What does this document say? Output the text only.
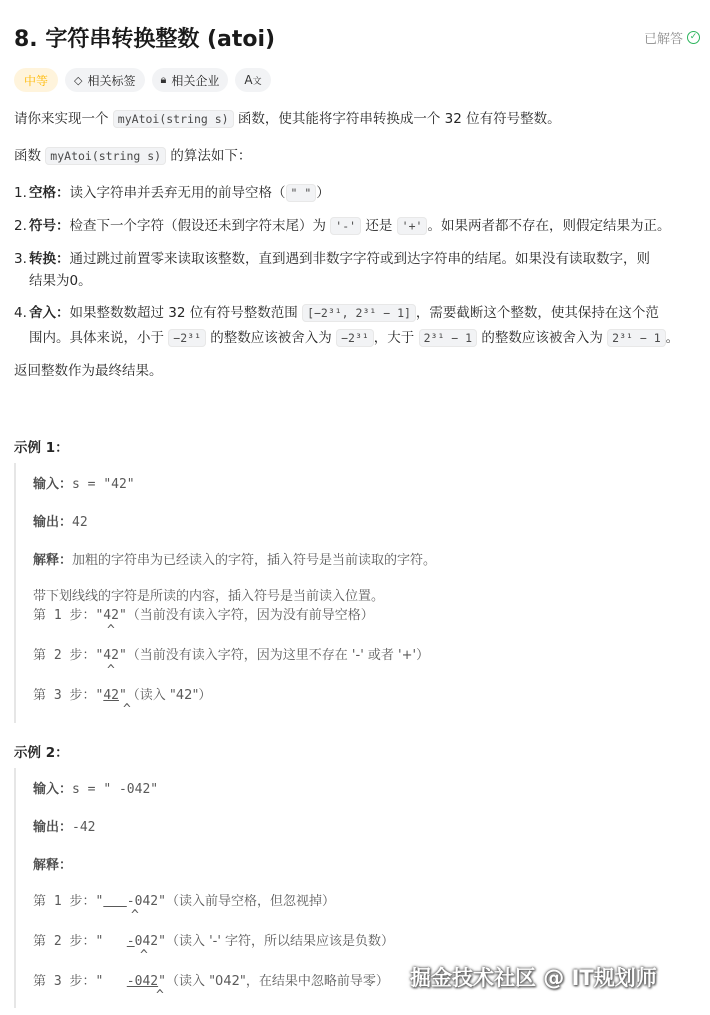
8. 字符串转换整数 (atoi)	已解答 ✓
中等	◇ 相关标签 🔒︎ 相关企业 A文
请你来实现一个 myAtoi(string s) 函数，使其能将字符串转换成一个 32 位有符号整数。
函数 myAtoi(string s) 的算法如下：
1. 空格：读入字符串并丢弃无用的前导空格（ " " ）
2. 符号：检查下一个字符（假设还未到字符末尾）为 '-' 还是 '+' 。如果两者都不存在，则假定结果为正。
3. 转换：通过跳过前置零来读取该整数，直到遇到非数字字符或到达字符串的结尾。如果没有读取数字，则
结果为0。
4. 舍入：如果整数数超过 32 位有符号整数范围 [−2³¹, 2³¹ − 1] ，需要截断这个整数，使其保持在这个范
围内。具体来说，小于 −2³¹ 的整数应该被舍入为 −2³¹ ，大于 2³¹ − 1 的整数应该被舍入为 2³¹ − 1 。
返回整数作为最终结果。
示例 1：
输入：s = "42"
输出：42
解释：加粗的字符串为已经读入的字符，插入符号是当前读取的字符。
带下划线线的字符是所读的内容，插入符号是当前读入位置。
第 1 步："42"（当前没有读入字符，因为没有前导空格）
^
第 2 步："42"（当前没有读入字符，因为这里不存在 '-' 或者 '+'）
^
第 3 步："42"（读入 "42"）
^
示例 2：
输入：s = " -042"
输出：-42
解释：
第 1 步：" -042"（读入前导空格，但忽视掉）
^
第 2 步："   -042"（读入 '-' 字符，所以结果应该是负数）
^
第 3 步："   -042"（读入 "042"，在结果中忽略前导零）
^
掘金技术社区 @ IT规划师
